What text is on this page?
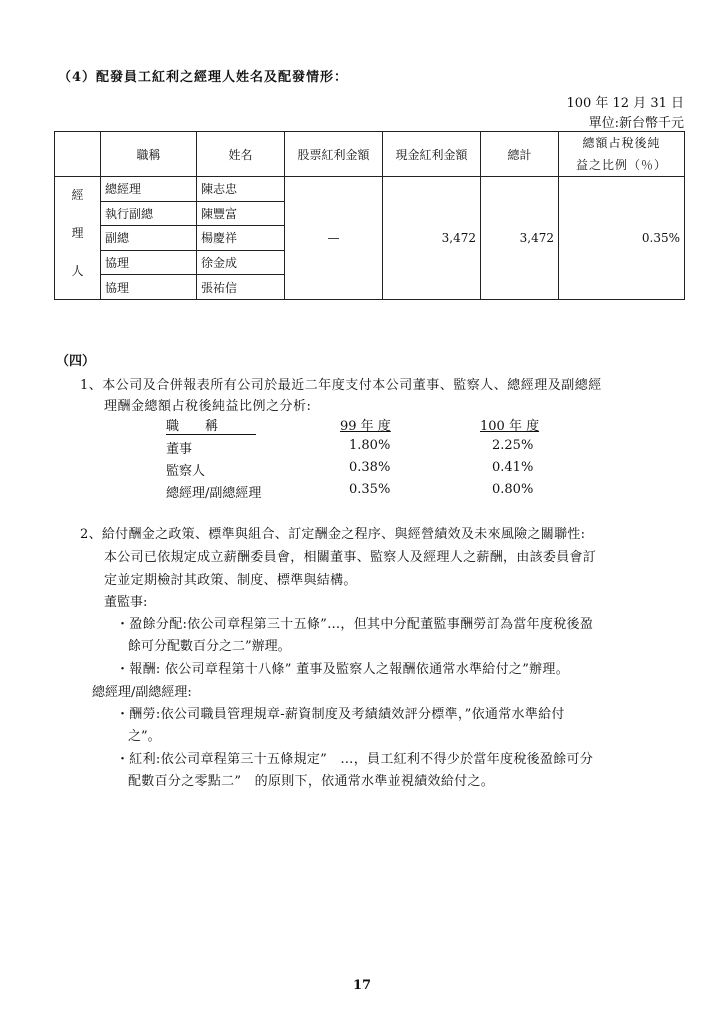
（4）配發員工紅利之經理人姓名及配發情形：
100 年 12 月 31 日
單位:新台幣千元
	職稱	姓名	股票紅利金額	現金紅利金額	總計	總額占稅後純
益之比例（％）

經
理
人	總經理	陳志忠	—	3,472	3,472	0.35%
	執行副總	陳豐富				
	副總	楊慶祥				
	協理	徐金成				
	協理	張祐信				
（四）
1、本公司及合併報表所有公司於最近二年度支付本公司董事、監察人、總經理及副總經
理酬金總額占稅後純益比例之分析:
職　　稱	99 年 度	100 年 度
董事	1.80%	2.25%
監察人	0.38%	0.41%
總經理/副總經理	0.35%	0.80%
2、給付酬金之政策、標準與組合、訂定酬金之程序、與經營績效及未來風險之關聯性:
本公司已依規定成立薪酬委員會，相關董事、監察人及經理人之薪酬，由該委員會訂
定並定期檢討其政策、制度、標準與結構。
董監事:
・盈餘分配:依公司章程第三十五條”…，但其中分配董監事酬勞訂為當年度稅後盈
餘可分配數百分之二”辦理。
・報酬: 依公司章程第十八條” 董事及監察人之報酬依通常水準給付之”辦理。
總經理/副總經理:
・酬勞:依公司職員管理規章-薪資制度及考績績效評分標準，”依通常水準給付
之”。
・紅利:依公司章程第三十五條規定”　…，員工紅利不得少於當年度稅後盈餘可分
配數百分之零點二”　的原則下，依通常水準並視績效給付之。
17
